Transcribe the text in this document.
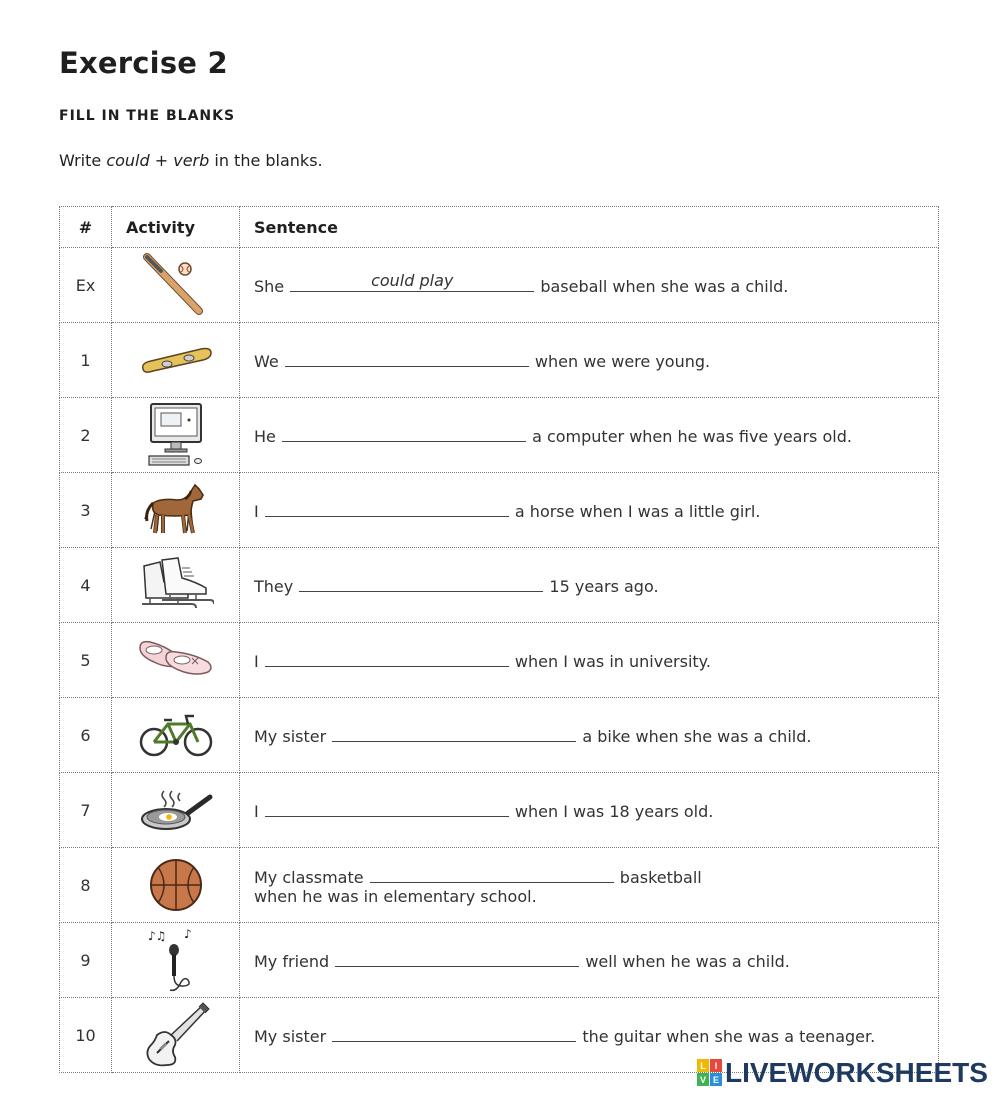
Exercise 2
FILL IN THE BLANKS

Write could + verb in the blanks.

#	Activity	Sentence
Ex		She could play baseball when she was a child.
1		We when we were young.
2		He a computer when he was five years old.
3		I a horse when I was a little girl.
4		They 15 years ago.
5		I when I was in university.
6		My sister a bike when she was a child.
7		I when I was 18 years old.
8		My classmate basketball
when he was in elementary school.
9	♪♫ ♪	My friend well when he was a child.
10		My sister the guitar when she was a teenager.
L I
V E LIVEWORKSHEETS
